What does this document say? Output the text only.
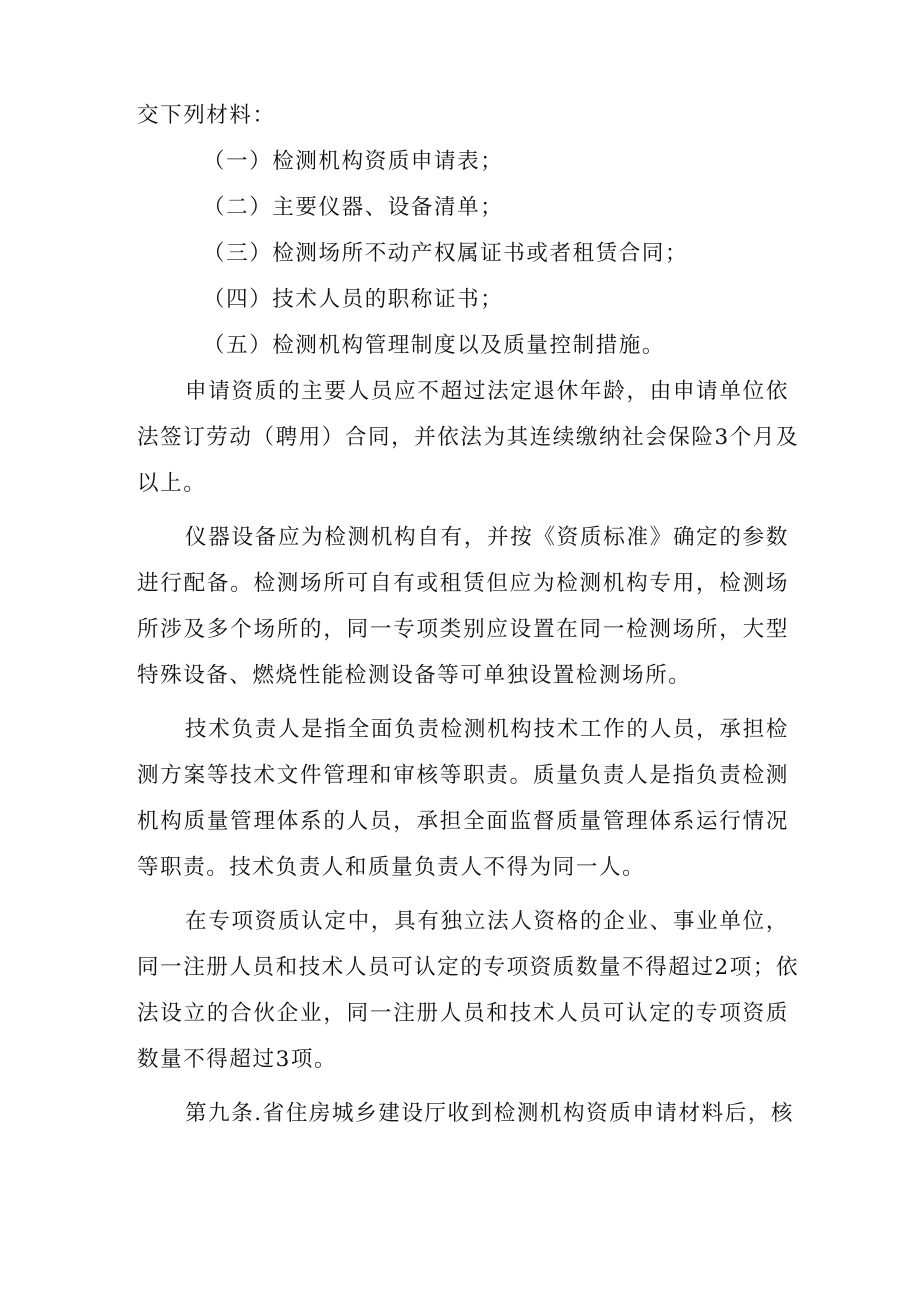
交下列材料：

（一）检测机构资质申请表；

（二）主要仪器、设备清单；

（三）检测场所不动产权属证书或者租赁合同；

（四）技术人员的职称证书；

（五）检测机构管理制度以及质量控制措施。

申请资质的主要人员应不超过法定退休年龄，由申请单位依

法签订劳动（聘用）合同，并依法为其连续缴纳社会保险3个月及

以上。

仪器设备应为检测机构自有，并按《资质标准》确定的参数

进行配备。检测场所可自有或租赁但应为检测机构专用，检测场

所涉及多个场所的，同一专项类别应设置在同一检测场所，大型

特殊设备、燃烧性能检测设备等可单独设置检测场所。

技术负责人是指全面负责检测机构技术工作的人员，承担检

测方案等技术文件管理和审核等职责。质量负责人是指负责检测

机构质量管理体系的人员，承担全面监督质量管理体系运行情况

等职责。技术负责人和质量负责人不得为同一人。

在专项资质认定中，具有独立法人资格的企业、事业单位，

同一注册人员和技术人员可认定的专项资质数量不得超过2项；依

法设立的合伙企业，同一注册人员和技术人员可认定的专项资质

数量不得超过3项。

第九条.省住房城乡建设厅收到检测机构资质申请材料后，核
